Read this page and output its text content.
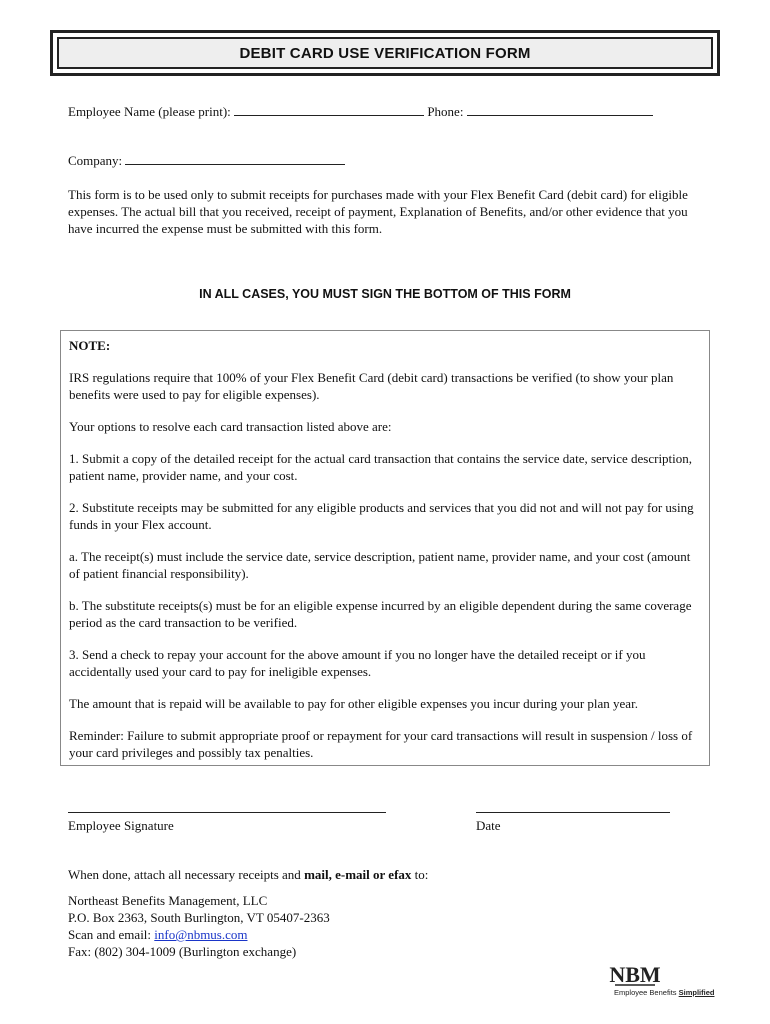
DEBIT CARD USE VERIFICATION FORM
Employee Name (please print):	Phone:
Company:

This form is to be used only to submit receipts for purchases made with your Flex Benefit Card (debit card) for eligible expenses. The actual bill that you received, receipt of payment, Explanation of Benefits, and/or other evidence that you have incurred the expense must be submitted with this form.

IN ALL CASES, YOU MUST SIGN THE BOTTOM OF THIS FORM

NOTE:

IRS regulations require that 100% of your Flex Benefit Card (debit card) transactions be verified (to show your plan benefits were used to pay for eligible expenses).

Your options to resolve each card transaction listed above are:

1. Submit a copy of the detailed receipt for the actual card transaction that contains the service date, service description, patient name, provider name, and your cost.

2. Substitute receipts may be submitted for any eligible products and services that you did not and will not pay for using funds in your Flex account.

a. The receipt(s) must include the service date, service description, patient name, provider name, and your cost (amount of patient financial responsibility).

b. The substitute receipts(s) must be for an eligible expense incurred by an eligible dependent during the same coverage period as the card transaction to be verified.

3. Send a check to repay your account for the above amount if you no longer have the detailed receipt or if you accidentally used your card to pay for ineligible expenses.

The amount that is repaid will be available to pay for other eligible expenses you incur during your plan year.

Reminder: Failure to submit appropriate proof or repayment for your card transactions will result in suspension / loss of your card privileges and possibly tax penalties.

Employee Signature	Date
When done, attach all necessary receipts and mail, e-mail or efax to:
Northeast Benefits Management, LLC
P.O. Box 2363, South Burlington, VT 05407-2363
Scan and email: info@nbmus.com
Fax: (802) 304-1009 (Burlington exchange)
NBM
Employee Benefits Simplified
